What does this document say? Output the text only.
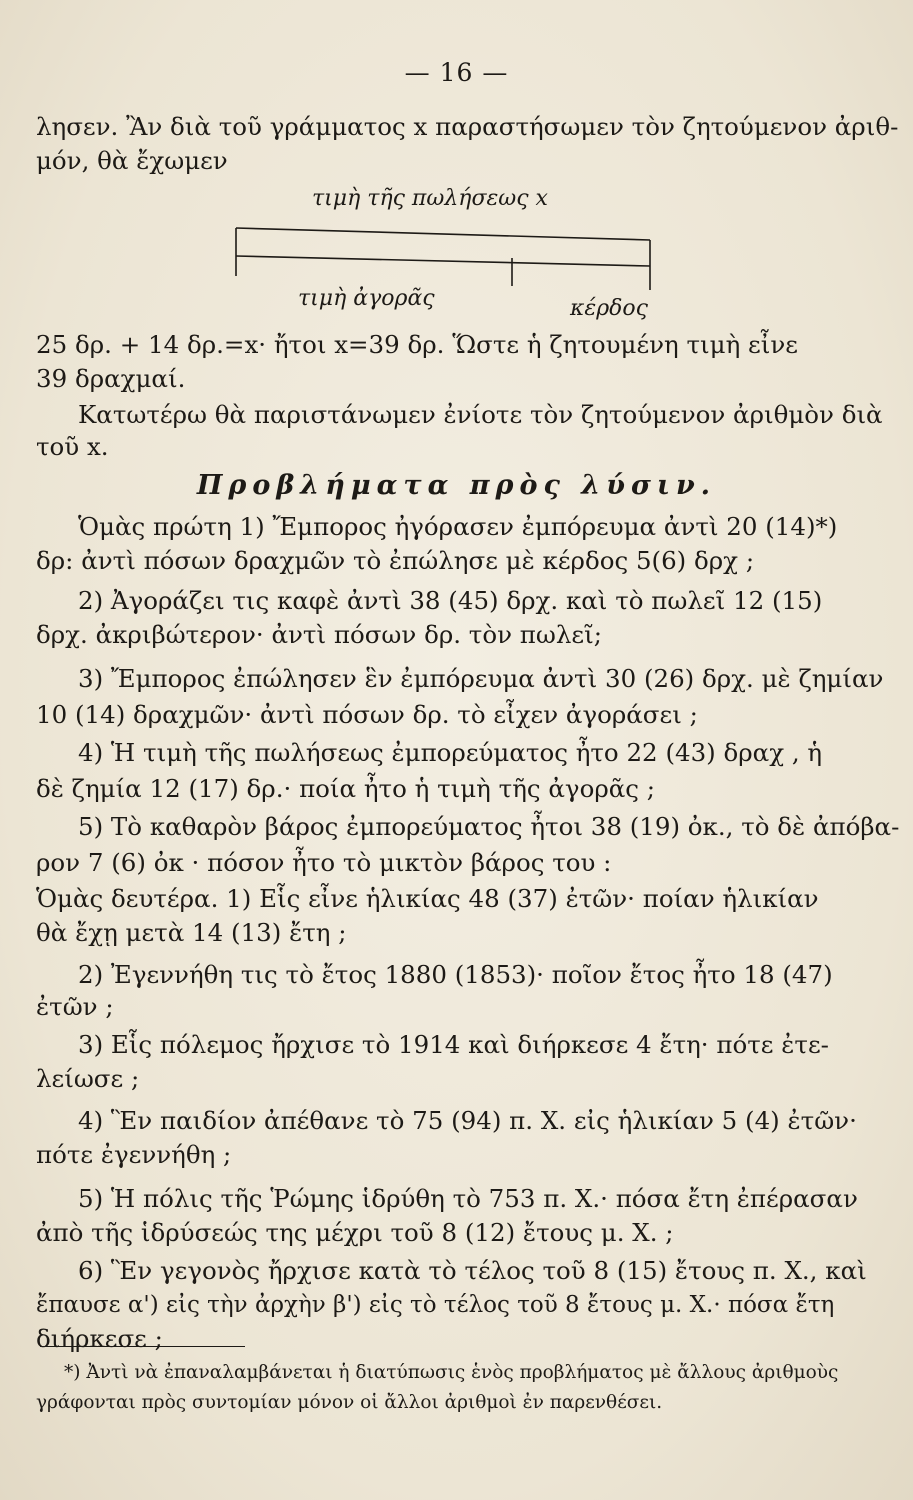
— 16 —
λησεν. Ἂν διὰ τοῦ γράμματος x παραστήσωμεν τὸν ζητούμενον ἀριθ-
μόν, θὰ ἔχωμεν
τιμὴ τῆς πωλήσεως x
τιμὴ ἀγορᾶς	κέρδος
25 δρ. + 14 δρ.=x· ἤτοι x=39 δρ. Ὥστε ἡ ζητουμένη τιμὴ εἶνε
39 δραχμαί.
Κατωτέρω θὰ παριστάνωμεν ἐνίοτε τὸν ζητούμενον ἀριθμὸν διὰ
τοῦ x.
Προβλήματα πρὸς λύσιν.
Ὁμὰς πρώτη 1) Ἔμπορος ἠγόρασεν ἐμπόρευμα ἀντὶ 20 (14)*)
δρ: ἀντὶ πόσων δραχμῶν τὸ ἐπώλησε μὲ κέρδος 5(6) δρχ ;
2) Ἀγοράζει τις καφὲ ἀντὶ 38 (45) δρχ. καὶ τὸ πωλεῖ 12 (15)
δρχ. ἀκριβώτερον· ἀντὶ πόσων δρ. τὸν πωλεῖ;
3) Ἔμπορος ἐπώλησεν ἓν ἐμπόρευμα ἀντὶ 30 (26) δρχ. μὲ ζημίαν
10 (14) δραχμῶν· ἀντὶ πόσων δρ. τὸ εἶχεν ἀγοράσει ;
4) Ἡ τιμὴ τῆς πωλήσεως ἐμπορεύματος ἦτο 22 (43) δραχ , ἡ
δὲ ζημία 12 (17) δρ.· ποία ἦτο ἡ τιμὴ τῆς ἀγορᾶς ;
5) Τὸ καθαρὸν βάρος ἐμπορεύματος ἦτοι 38 (19) ὀκ., τὸ δὲ ἀπόβα-
ρον 7 (6) ὀκ · πόσον ἦτο τὸ μικτὸν βάρος του :
Ὁμὰς δευτέρα. 1) Εἷς εἶνε ἡλικίας 48 (37) ἐτῶν· ποίαν ἡλικίαν
θὰ ἔχῃ μετὰ 14 (13) ἔτη ;
2) Ἐγεννήθη τις τὸ ἔτος 1880 (1853)· ποῖον ἔτος ἦτο 18 (47)
ἐτῶν ;
3) Εἷς πόλεμος ἤρχισε τὸ 1914 καὶ διήρκεσε 4 ἔτη· πότε ἐτε-
λείωσε ;
4) Ἓν παιδίον ἀπέθανε τὸ 75 (94) π. Χ. εἰς ἡλικίαν 5 (4) ἐτῶν·
πότε ἐγεννήθη ;
5) Ἡ πόλις τῆς Ῥώμης ἱδρύθη τὸ 753 π. Χ.· πόσα ἔτη ἐπέρασαν
ἀπὸ τῆς ἱδρύσεώς της μέχρι τοῦ 8 (12) ἔτους μ. Χ. ;
6) Ἓν γεγονὸς ἤρχισε κατὰ τὸ τέλος τοῦ 8 (15) ἔτους π. Χ., καὶ
ἔπαυσε α') εἰς τὴν ἀρχὴν β') εἰς τὸ τέλος τοῦ 8 ἔτους μ. Χ.· πόσα ἔτη
διήρκεσε ;
*) Ἀντὶ νὰ ἐπαναλαμβάνεται ἡ διατύπωσις ἑνὸς προβλήματος μὲ ἄλλους ἀριθμοὺς
γράφονται πρὸς συντομίαν μόνον οἱ ἄλλοι ἀριθμοὶ ἐν παρενθέσει.
